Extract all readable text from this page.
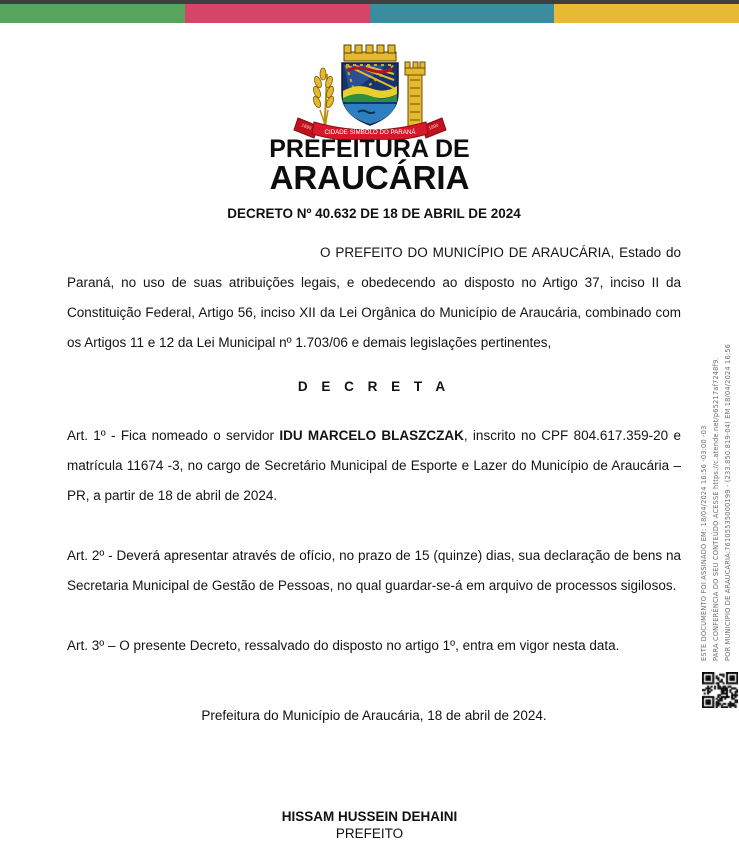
CIDADE SÍMBOLO DO PARANÁ
1890	1990
PREFEITURA DE
ARAUCÁRIA
DECRETO Nº 40.632 DE 18 DE ABRIL DE 2024

O PREFEITO DO MUNICÍPIO DE ARAUCÁRIA, Estado do Paraná, no uso de suas atribuições legais, e obedecendo ao disposto no Artigo 37, inciso II da Constituição Federal, Artigo 56, inciso XII da Lei Orgânica do Município de Araucária, combinado com os Artigos 11 e 12 da Lei Municipal nº 1.703/06 e demais legislações pertinentes,

D E C R E T A

Art. 1º - Fica nomeado o servidor IDU MARCELO BLASZCZAK, inscrito no CPF 804.617.359-20 e matrícula 11674 -3, no cargo de Secretário Municipal de Esporte e Lazer do Município de Araucária – PR, a partir de 18 de abril de 2024.

Art. 2º - Deverá apresentar através de ofício, no prazo de 15 (quinze) dias, sua declaração de bens na Secretaria Municipal de Gestão de Pessoas, no qual guardar-se-á em arquivo de processos sigilosos.

Art. 3º – O presente Decreto, ressalvado do disposto no artigo 1º, entra em vigor nesta data.

Prefeitura do Município de Araucária, 18 de abril de 2024.
HISSAM HUSSEIN DEHAINI
PREFEITO
ESTE DOCUMENTO FOI ASSINADO EM: 18/04/2024 16:56 -03:00 -03 PARA CONFERÊNCIA DO SEU CONTEÚDO ACESSE https://c.atende.net/p65217af7248f9. POR MUNICIPIO DE ARAUCARIA:76105535000199 - (233.850.819-04) EM 18/04/2024 16:56
